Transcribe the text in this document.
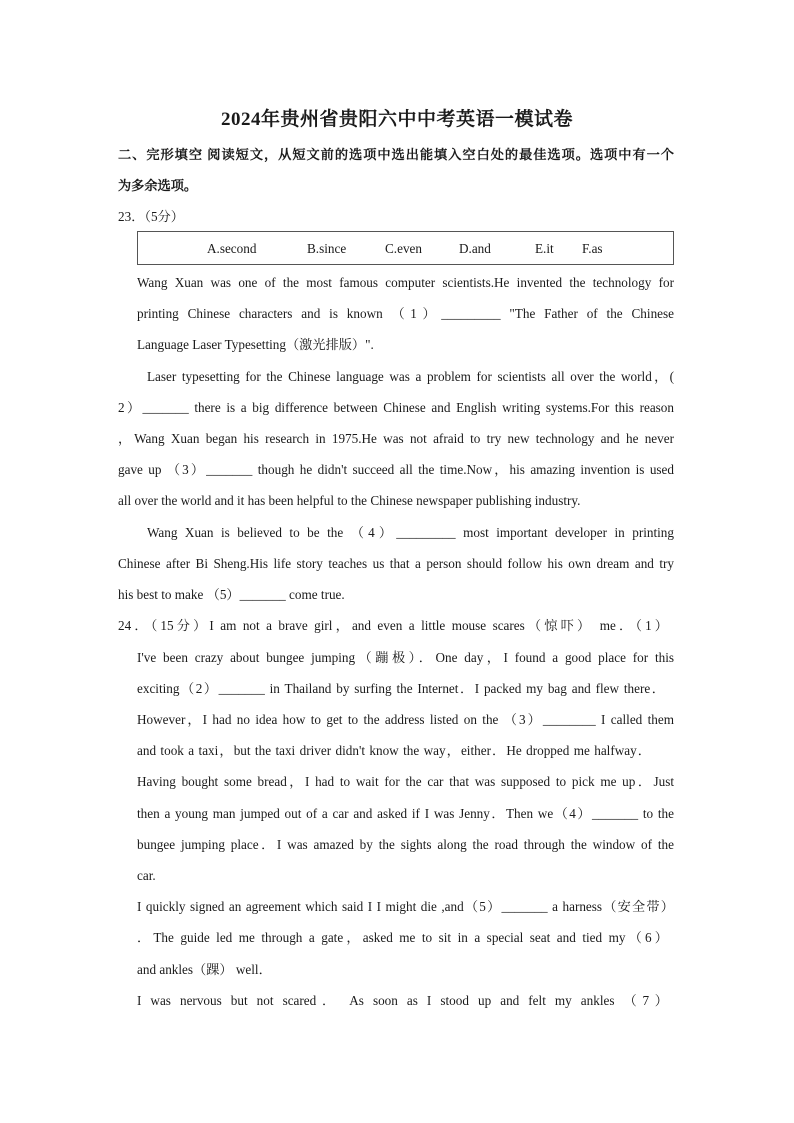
2024年贵州省贵阳六中中考英语一模试卷
二、完形填空 阅读短文，从短文前的选项中选出能填入空白处的最佳选项。选项中有一个
为多余选项。
23．（5分）
A.second	B.since	C.even	D.and	E.it F.as
Wang Xuan was one of the most famous computer scientists.He invented the technology for
printing Chinese characters and is known （1）_________ "The Father of the Chinese
Language Laser Typesetting（激光排版）".
Laser typesetting for the Chinese language was a problem for scientists all over the world，(
2）_______ there is a big difference between Chinese and English writing systems.For this reason
，Wang Xuan began his research in 1975.He was not afraid to try new technology and he never
gave up （3）_______ though he didn't succeed all the time.Now，his amazing invention is used
all over the world and it has been helpful to the Chinese newspaper publishing industry.
Wang Xuan is believed to be the （4）_________ most important developer in printing
Chinese after Bi Sheng.His life story teaches us that a person should follow his own dream and try
his best to make （5）_______ come true.
24．（15分）I am not a brave girl，and even a little mouse scares（惊吓） me．（1）
I've been crazy about bungee jumping（蹦极）．One day，I found a good place for this
exciting（2）_______ in Thailand by surfing the Internet．I packed my bag and flew there．
However，I had no idea how to get to the address listed on the （3）________ I called them
and took a taxi，but the taxi driver didn't know the way，either．He dropped me halfway．
Having bought some bread，I had to wait for the car that was supposed to pick me up．Just
then a young man jumped out of a car and asked if I was Jenny．Then we（4）_______ to the
bungee jumping place．I was amazed by the sights along the road through the window of the
car.
I quickly signed an agreement which said I I might die ,and（5）_______ a harness（安全带）
．The guide led me through a gate，asked me to sit in a special seat and tied my（6）
and ankles（踝） well．
I was nervous but not scared． As soon as I stood up and felt my ankles （7）
